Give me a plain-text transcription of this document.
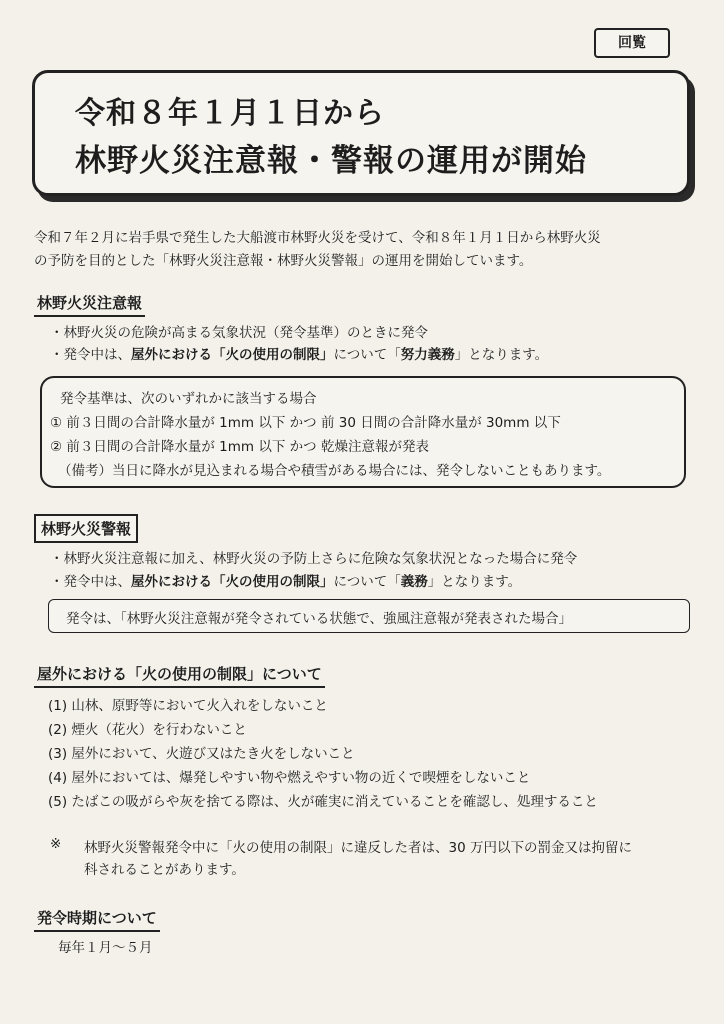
回覧
令和８年１月１日から
林野火災注意報・警報の運用が開始
令和７年２月に岩手県で発生した大船渡市林野火災を受けて、令和８年１月１日から林野火災
の予防を目的とした「林野火災注意報・林野火災警報」の運用を開始しています。
林野火災注意報
・林野火災の危険が高まる気象状況（発令基準）のときに発令
・発令中は、屋外における「火の使用の制限」について「努力義務」となります。
発令基準は、次のいずれかに該当する場合
① 前３日間の合計降水量が 1mm 以下 かつ 前 30 日間の合計降水量が 30mm 以下
② 前３日間の合計降水量が 1mm 以下 かつ 乾燥注意報が発表
（備考）当日に降水が見込まれる場合や積雪がある場合には、発令しないこともあります。
林野火災警報
・林野火災注意報に加え、林野火災の予防上さらに危険な気象状況となった場合に発令
・発令中は、屋外における「火の使用の制限」について「義務」となります。
発令は、「林野火災注意報が発令されている状態で、強風注意報が発表された場合」
屋外における「火の使用の制限」について
(1) 山林、原野等において火入れをしないこと
(2) 煙火（花火）を行わないこと
(3) 屋外において、火遊び又はたき火をしないこと
(4) 屋外においては、爆発しやすい物や燃えやすい物の近くで喫煙をしないこと
(5) たばこの吸がらや灰を捨てる際は、火が確実に消えていることを確認し、処理すること
※ 林野火災警報発令中に「火の使用の制限」に違反した者は、30 万円以下の罰金又は拘留に
科されることがあります。
発令時期について
毎年１月～５月
